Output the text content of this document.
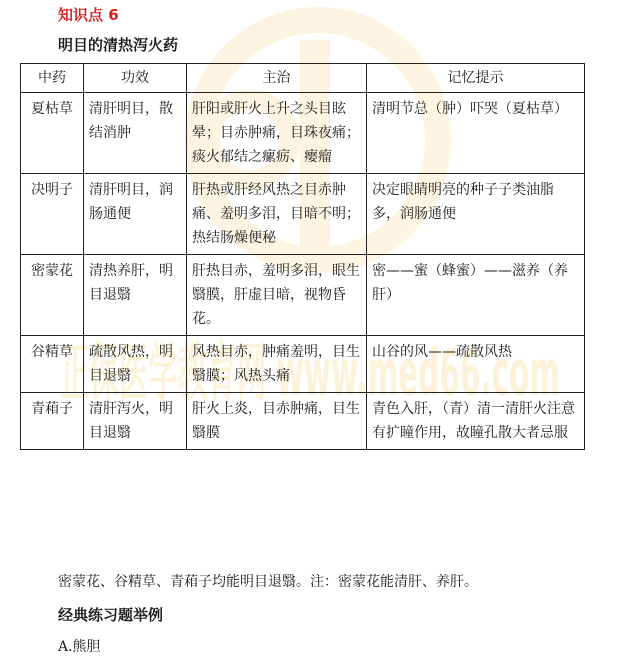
正保医学教育网 www.med66.com
知识点 6
明目的清热泻火药
中药	功效	主治	记忆提示
夏枯草	清肝明目，散结消肿	肝阳或肝火上升之头目眩晕；目赤肿痛，目珠夜痛；痰火郁结之瘰疬、瘿瘤	清明节总（肿）吓哭（夏枯草）
决明子	清肝明目，润肠通便	肝热或肝经风热之目赤肿痛、羞明多泪，目暗不明；热结肠燥便秘	决定眼睛明亮的种子子类油脂多，润肠通便
密蒙花	清热养肝，明目退翳	肝热目赤，羞明多泪，眼生翳膜，肝虚目暗，视物昏花。	密——蜜（蜂蜜）——滋养（养肝）
谷精草	疏散风热，明目退翳	风热目赤，肿痛羞明，目生翳膜；风热头痛	山谷的风——疏散风热
青葙子	清肝泻火，明目退翳	肝火上炎，目赤肿痛，目生翳膜	青色入肝，（青）清一清肝火注意有扩瞳作用，故瞳孔散大者忌服
密蒙花、谷精草、青葙子均能明目退翳。注：密蒙花能清肝、养肝。
经典练习题举例
A.熊胆
